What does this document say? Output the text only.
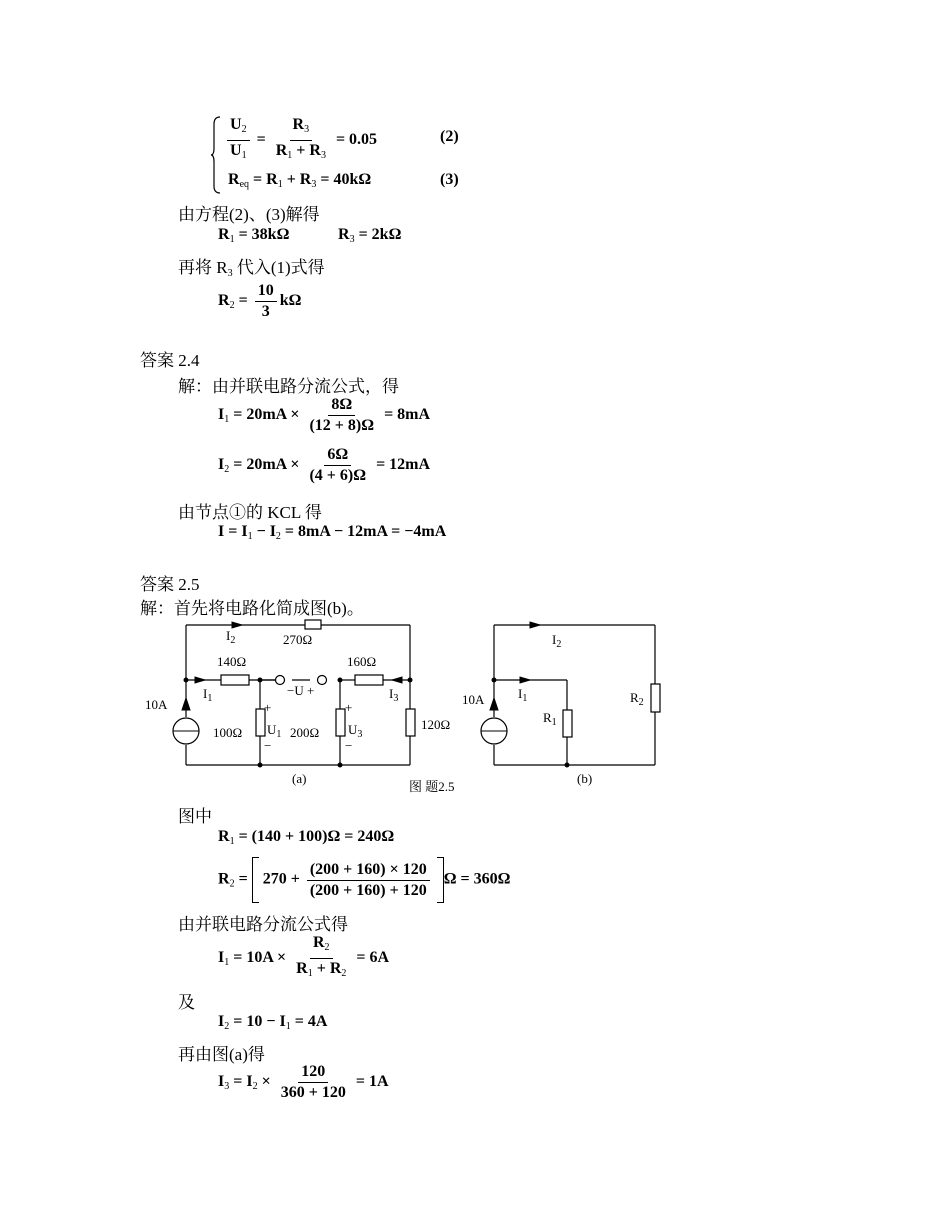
$\frac{U_2}{U_1} = \frac{R_3}{R_1 + R_3} = 0.05$	(2)
$R_{eq} = R_1 + R_3 = 40k\Omega$	(3)
由方程(2)、(3)解得
$R_1 = 38k\Omega$	$R_3 = 2k\Omega$
再将 $R_3$ 代入(1)式得
$R_2 = \frac{10}{3}$ kΩ
答案 2.4
解：由并联电路分流公式，得
$I_1 = 20mA \times \frac{8\Omega}{(12 + 8)\Omega} = 8mA$
$I_2 = 20mA \times \frac{6\Omega}{(4 + 6)\Omega} = 12mA$
由节点①的 KCL 得
$I = I_1 - I_2 = 8mA - 12mA = -4mA$
答案 2.5
解：首先将电路化简成图(b)。
10A
$I_2$	270Ω
140Ω	160Ω
$I_1$
−U +	$I_3$
+	+
100Ω $U_1$ 200Ω $U_3$
120Ω
−	−
(a)
图 题2.5
10A
$I_2$
$I_1$	$R_2$
$R_1$
(b)
图中
$R_1 = (140 + 100)\Omega = 240\Omega$
$R_2 = 270 + \frac{(200 + 160) \times 120}{(200 + 160) + 120}$ Ω = 360Ω
由并联电路分流公式得
$I_1 = 10A \times \frac{R_2}{R_1 + R_2} = 6A$
及
$I_2 = 10 - I_1 = 4A$
再由图(a)得
$I_3 = I_2 \times \frac{120}{360 + 120} = 1A$
